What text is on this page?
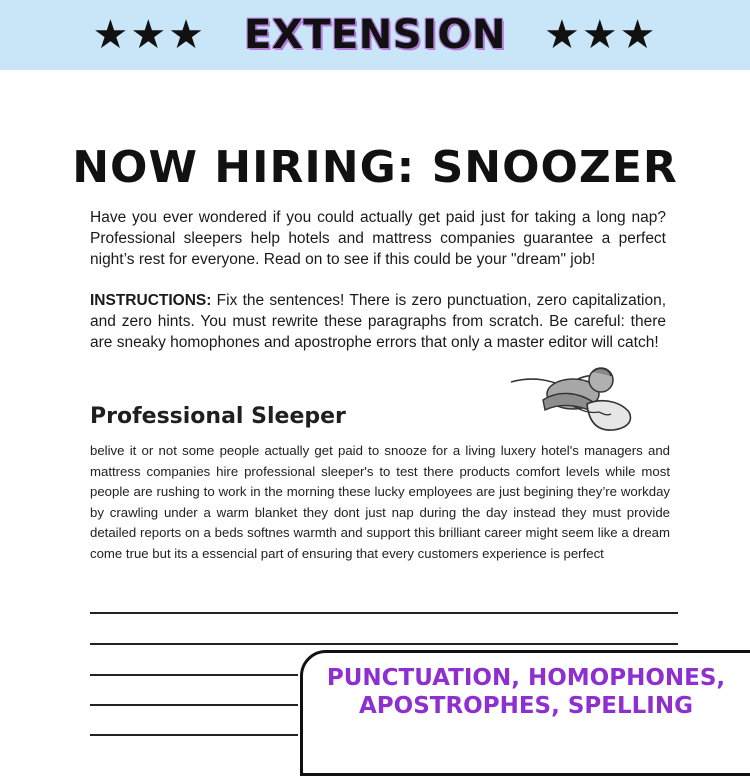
★★★ EXTENSION ★★★
NOW HIRING: SNOOZER

Have you ever wondered if you could actually get paid just for taking a long nap? Professional sleepers help hotels and mattress companies guarantee a perfect night’s rest for everyone. Read on to see if this could be your "dream" job!

INSTRUCTIONS: Fix the sentences! There is zero punctuation, zero capitalization, and zero hints. You must rewrite these paragraphs from scratch. Be careful: there are sneaky homophones and apostrophe errors that only a master editor will catch!

Professional Sleeper

belive it or not some people actually get paid to snooze for a living luxery hotel's managers and mattress companies hire professional sleeper's to test there products comfort levels while most people are rushing to work in the morning these lucky employees are just begining they’re workday by crawling under a warm blanket they dont just nap during the day instead they must provide detailed reports on a beds softnes warmth and support this brilliant career might seem like a dream come true but its a essencial part of ensuring that every customers experience is perfect

PUNCTUATION, HOMOPHONES,
APOSTROPHES, SPELLING
